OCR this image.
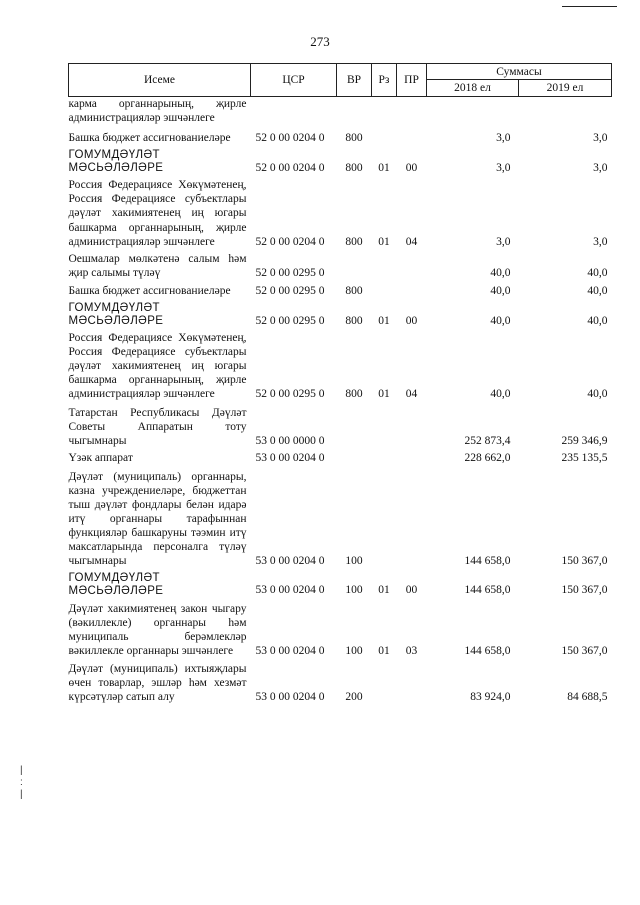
273
Исеме	ЦСР	ВР	Рз	ПР	Суммасы	
					2018 ел	2019 ел
карма органнарының, җирле администрацияләр эшчәнлеге						
Башка бюджет ассигнованиеләре	52 0 00 0204 0	800			3,0	3,0
ГОМУМДӘҮЛӘТ МӘСЬӘЛӘЛӘРЕ	52 0 00 0204 0	800	01	00	3,0	3,0
Россия Федерациясе Хөкүмәтенең, Россия Федерациясе субъектлары дәүләт хакимиятенең иң югары башкарма органнарының, җирле администрацияләр эшчәнлеге	52 0 00 0204 0	800	01	04	3,0	3,0
Оешмалар мөлкәтенә салым һәм җир салымы түләү	52 0 00 0295 0				40,0	40,0
Башка бюджет ассигнованиеләре	52 0 00 0295 0	800			40,0	40,0
ГОМУМДӘҮЛӘТ МӘСЬӘЛӘЛӘРЕ	52 0 00 0295 0	800	01	00	40,0	40,0
Россия Федерациясе Хөкүмәтенең, Россия Федерациясе субъектлары дәүләт хакимиятенең иң югары башкарма органнарының, җирле администрацияләр эшчәнлеге	52 0 00 0295 0	800	01	04	40,0	40,0
Татарстан Республикасы Дәүләт Советы Аппаратын тоту чыгымнары	53 0 00 0000 0				252 873,4	259 346,9
Үзәк аппарат	53 0 00 0204 0				228 662,0	235 135,5
Дәүләт (муниципаль) органнары, казна учреждениеләре, бюджеттан тыш дәүләт фондлары белән идарә итү органнары тарафыннан функцияләр башкаруны тәэмин итү максатларында персоналга түләү чыгымнары	53 0 00 0204 0	100			144 658,0	150 367,0
ГОМУМДӘҮЛӘТ МӘСЬӘЛӘЛӘРЕ	53 0 00 0204 0	100	01	00	144 658,0	150 367,0
Дәүләт хакимиятенең закон чыгару (вәкиллекле) органнары һәм муниципаль берәмлекләр вәкиллекле органнары эшчәнлеге	53 0 00 0204 0	100	01	03	144 658,0	150 367,0
Дәүләт (муниципаль) ихтыяҗлары өчен товарлар, эшләр һәм хезмәт күрсәтүләр сатып алу	53 0 00 0204 0	200			83 924,0	84 688,5
|
:
|
